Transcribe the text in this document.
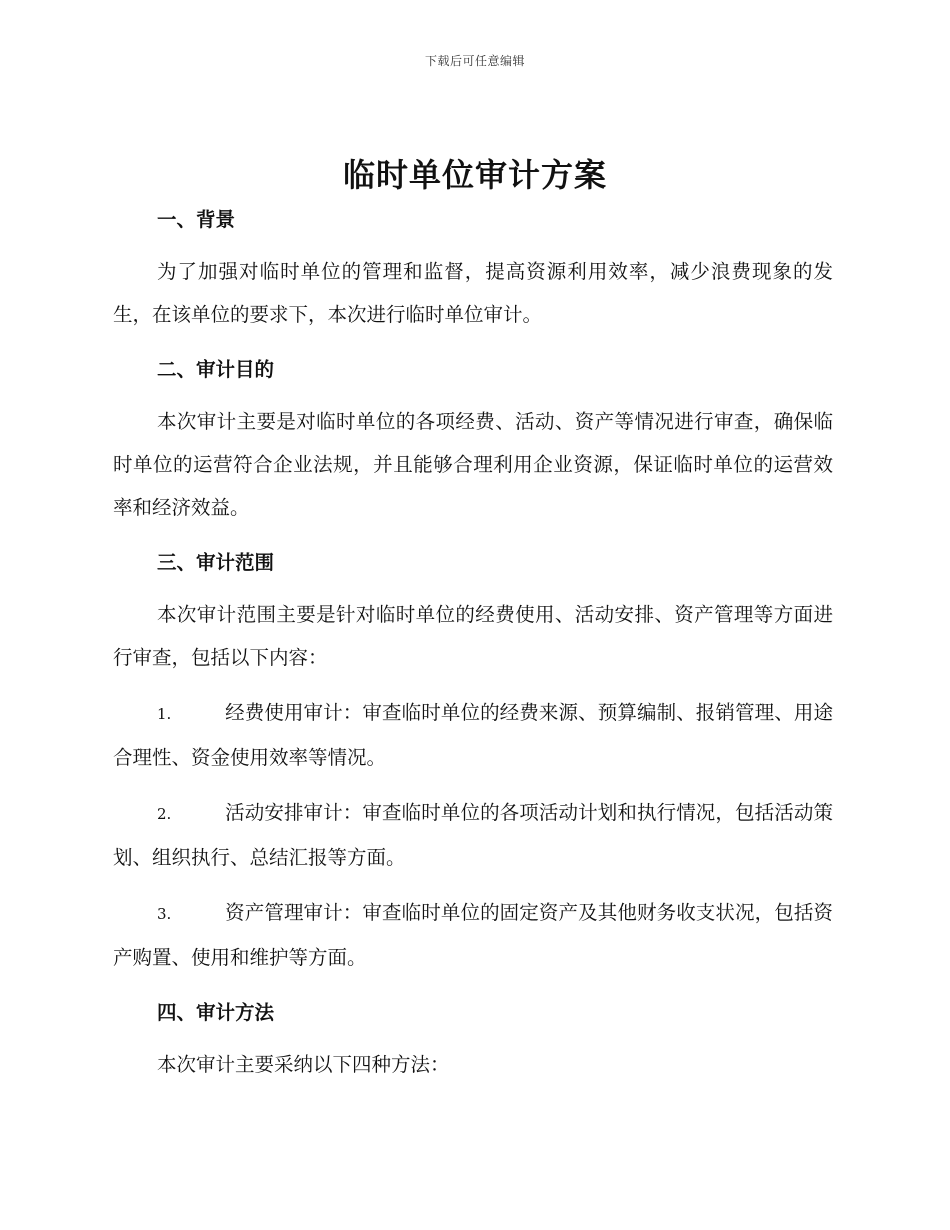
下载后可任意编辑
临时单位审计方案
一、背景

为了加强对临时单位的管理和监督，提高资源利用效率，减少浪费现象的发生，在该单位的要求下，本次进行临时单位审计。

二、审计目的

本次审计主要是对临时单位的各项经费、活动、资产等情况进行审查，确保临时单位的运营符合企业法规，并且能够合理利用企业资源，保证临时单位的运营效率和经济效益。

三、审计范围

本次审计范围主要是针对临时单位的经费使用、活动安排、资产管理等方面进行审查，包括以下内容：

1.	经费使用审计：审查临时单位的经费来源、预算编制、报销管理、用途合理性、资金使用效率等情况。

2.	活动安排审计：审查临时单位的各项活动计划和执行情况，包括活动策划、组织执行、总结汇报等方面。

3.	资产管理审计：审查临时单位的固定资产及其他财务收支状况，包括资产购置、使用和维护等方面。

四、审计方法

本次审计主要采纳以下四种方法：
